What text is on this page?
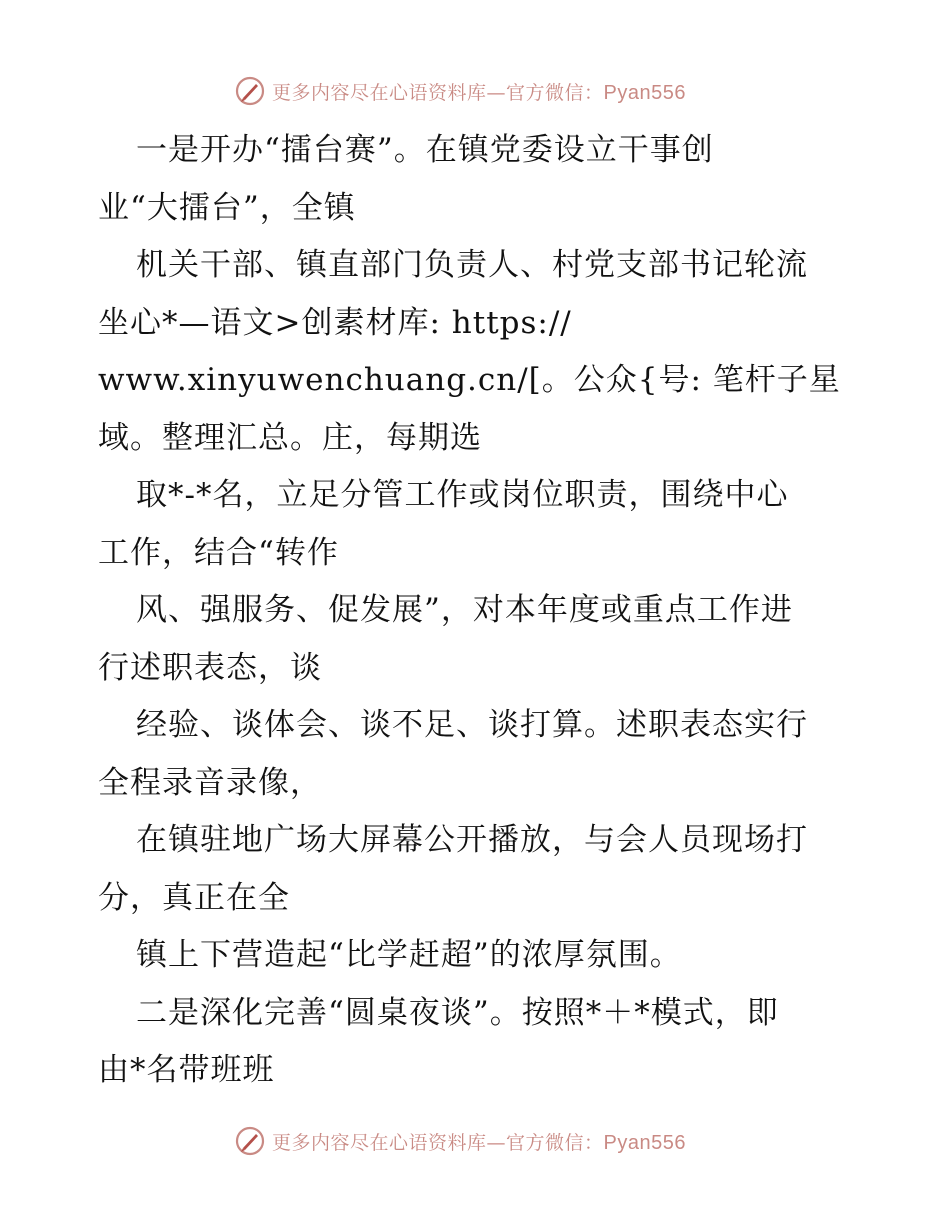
更多内容尽在心语资料库—官方微信：Pyan556
一是开办“擂台赛”。在镇党委设立干事创
业“大擂台”，全镇
机关干部、镇直部门负责人、村党支部书记轮流
坐心*—语文>创素材库: https://
www.xinyuwenchuang.cn/[。公众{号: 笔杆子星
域。整理汇总。庄，每期选
取*-*名，立足分管工作或岗位职责，围绕中心
工作，结合“转作
风、强服务、促发展”，对本年度或重点工作进
行述职表态，谈
经验、谈体会、谈不足、谈打算。述职表态实行
全程录音录像，
在镇驻地广场大屏幕公开播放，与会人员现场打
分，真正在全
镇上下营造起“比学赶超”的浓厚氛围。
二是深化完善“圆桌夜谈”。按照*＋*模式，即
由*名带班班
更多内容尽在心语资料库—官方微信：Pyan556
